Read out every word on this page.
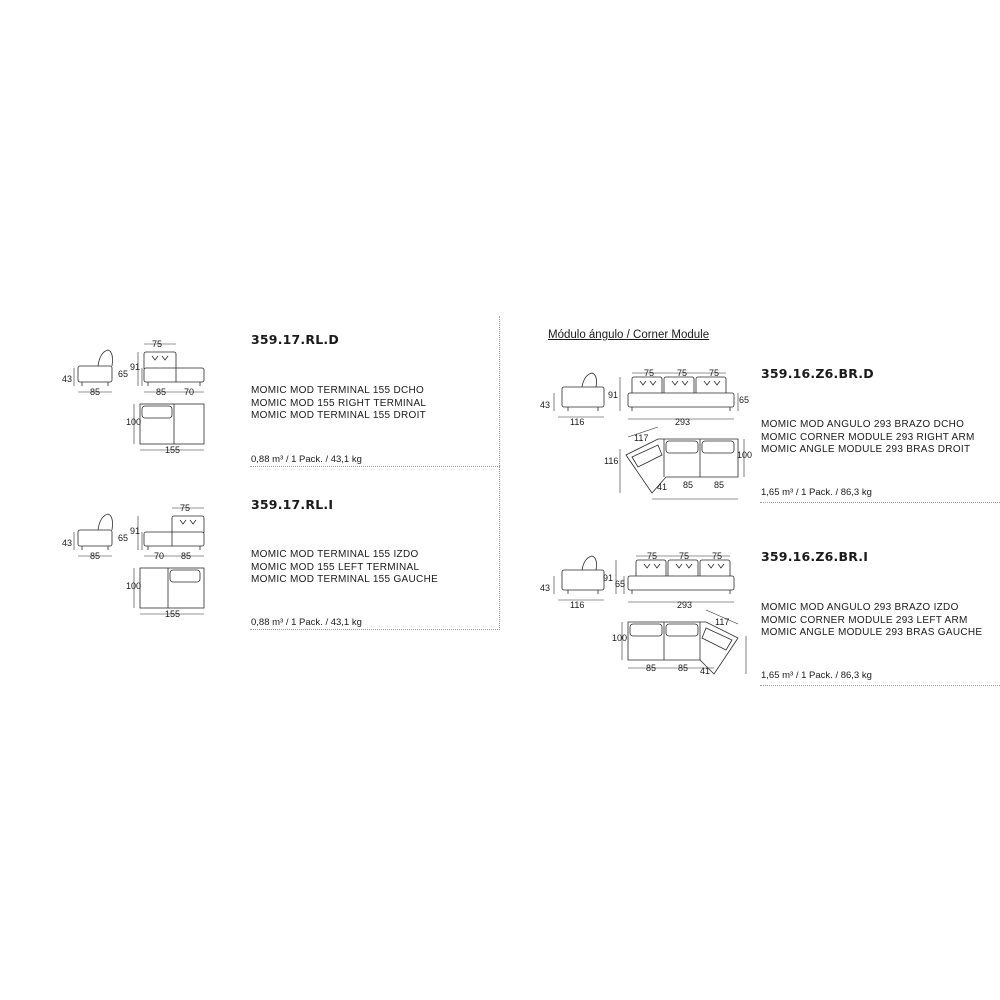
Módulo ángulo / Corner Module
359.17.RL.D
MOMIC MOD TERMINAL 155 DCHO
MOMIC MOD 155 RIGHT TERMINAL
MOMIC MOD TERMINAL 155 DROIT
0,88 m³ / 1 Pack. / 43,1 kg
43
85
75
91
65
85 70
100
155
359.17.RL.I
MOMIC MOD TERMINAL 155 IZDO
MOMIC MOD 155 LEFT TERMINAL
MOMIC MOD TERMINAL 155 GAUCHE
0,88 m³ / 1 Pack. / 43,1 kg
43
85
75
91
65
70 85
100
155
359.16.Z6.BR.D
MOMIC MOD ANGULO 293 BRAZO DCHO
MOMIC CORNER MODULE 293 RIGHT ARM
MOMIC ANGLE MODULE 293 BRAS DROIT
1,65 m³ / 1 Pack. / 86,3 kg
43
116
91	65
75	75 75
293
117
116
100
41 85 85
359.16.Z6.BR.I
MOMIC MOD ANGULO 293 BRAZO IZDO
MOMIC CORNER MODULE 293 LEFT ARM
MOMIC ANGLE MODULE 293 BRAS GAUCHE
1,65 m³ / 1 Pack. / 86,3 kg
43
116
91
65
75 75	75
293
117
100
85 85 41
